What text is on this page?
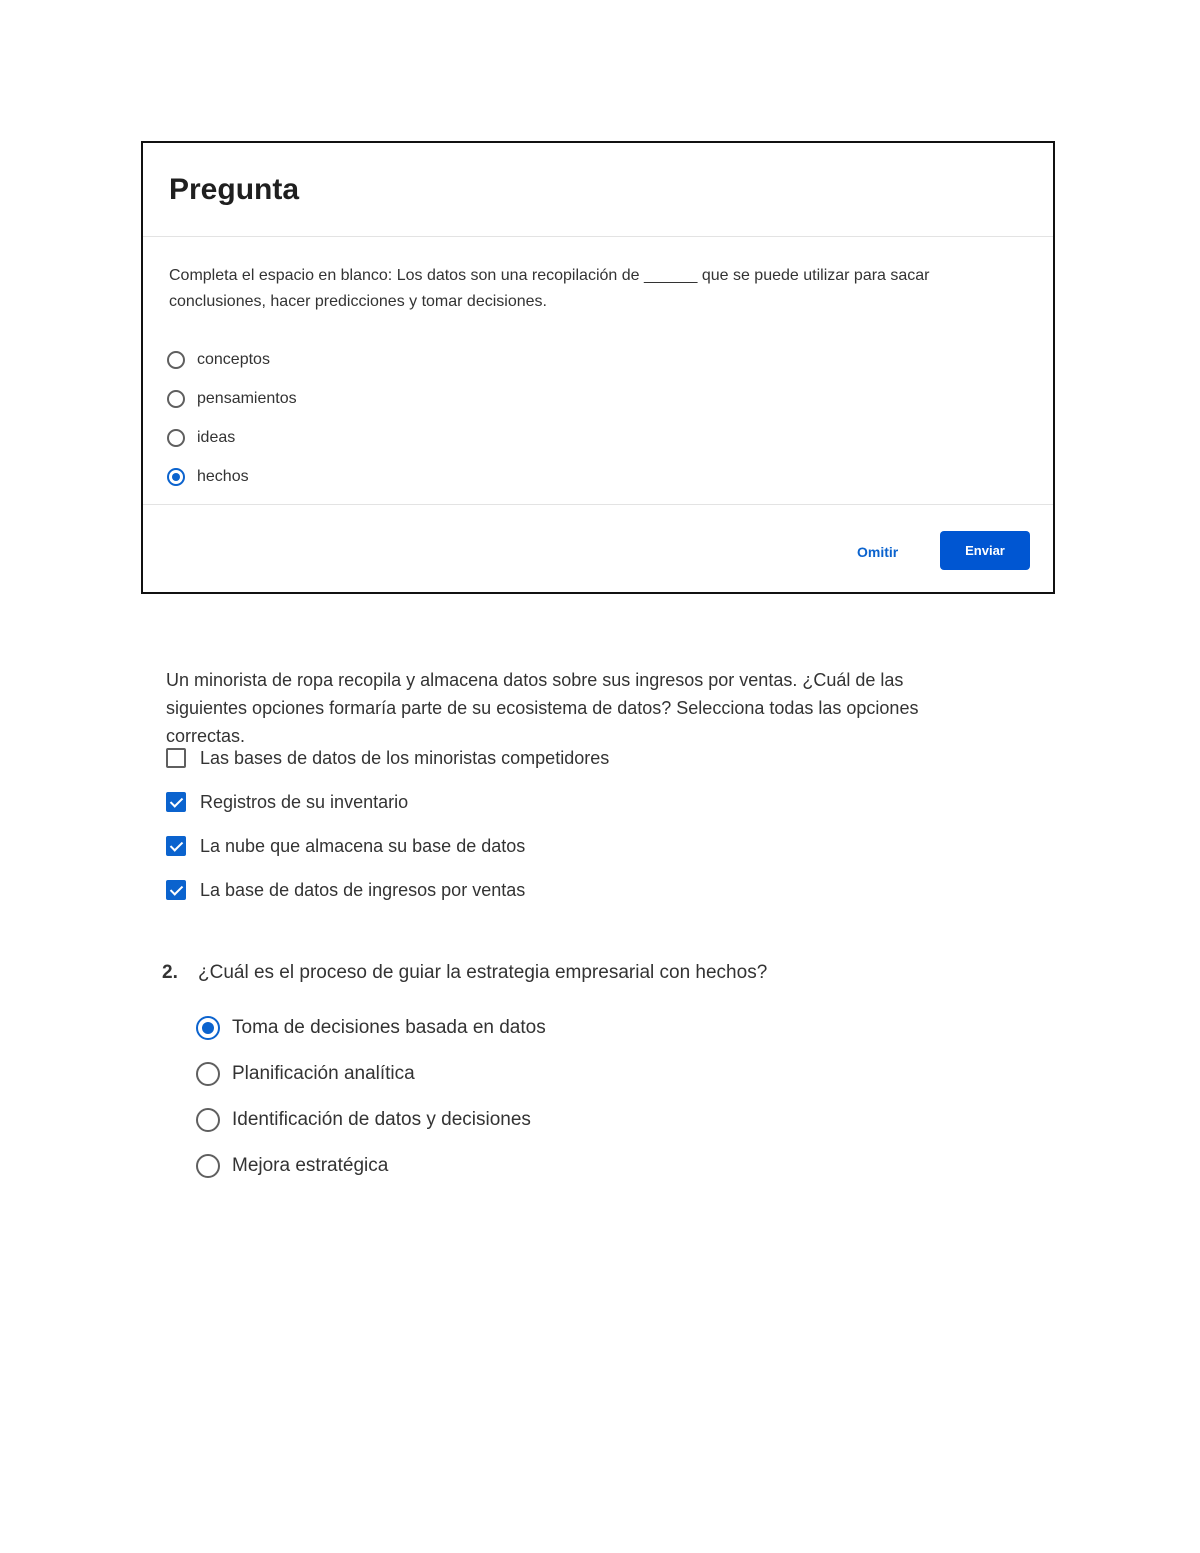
Pregunta
Completa el espacio en blanco: Los datos son una recopilación de ______ que se puede utilizar para sacar conclusiones, hacer predicciones y tomar decisiones.
conceptos
pensamientos
ideas
hechos
Omitir	Enviar
Un minorista de ropa recopila y almacena datos sobre sus ingresos por ventas. ¿Cuál de las siguientes opciones formaría parte de su ecosistema de datos? Selecciona todas las opciones correctas.
Las bases de datos de los minoristas competidores
Registros de su inventario
La nube que almacena su base de datos
La base de datos de ingresos por ventas
2.	¿Cuál es el proceso de guiar la estrategia empresarial con hechos?
Toma de decisiones basada en datos
Planificación analítica
Identificación de datos y decisiones
Mejora estratégica
